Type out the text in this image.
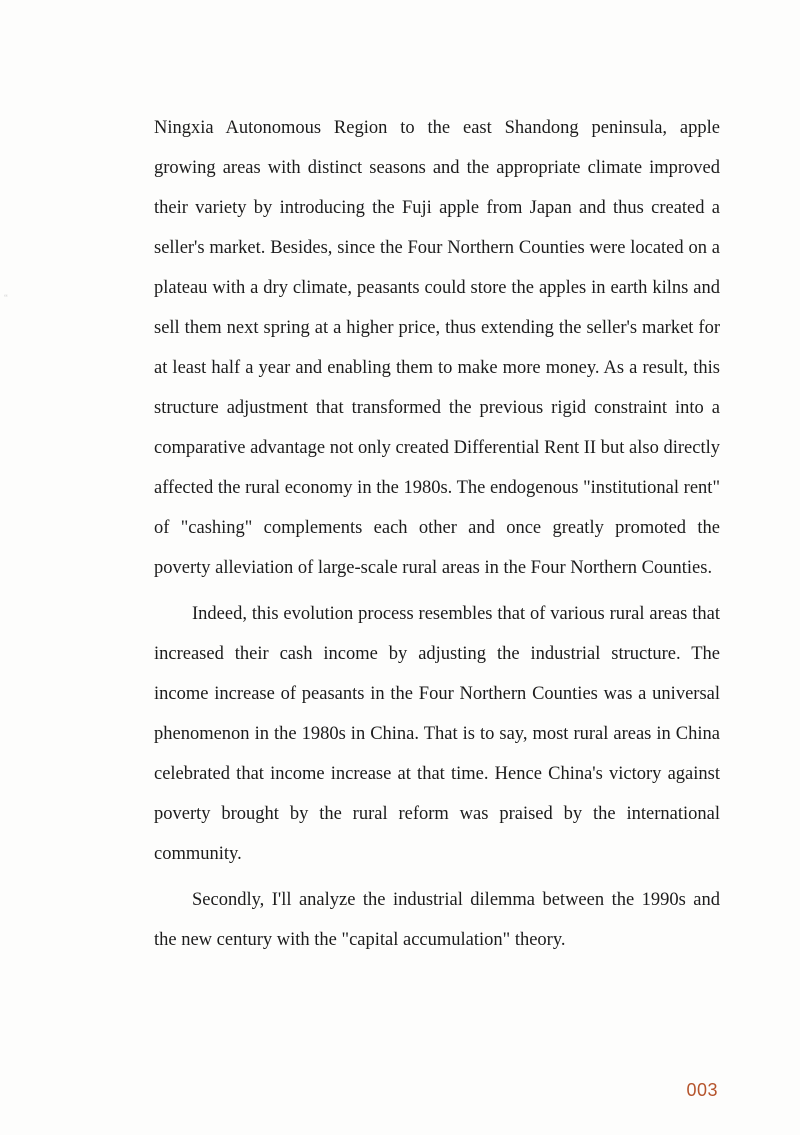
‘‘

Ningxia Autonomous Region to the east Shandong peninsula, apple growing areas with distinct seasons and the appropriate climate improved their variety by introducing the Fuji apple from Japan and thus created a seller's market. Besides, since the Four Northern Counties were located on a plateau with a dry climate, peasants could store the apples in earth kilns and sell them next spring at a higher price, thus extending the seller's market for at least half a year and enabling them to make more money. As a result, this structure adjustment that transformed the previous rigid constraint into a comparative advantage not only created Differential Rent II but also directly affected the rural economy in the 1980s. The endogenous "institutional rent" of "cashing" complements each other and once greatly promoted the poverty alleviation of large-scale rural areas in the Four Northern Counties.

Indeed, this evolution process resembles that of various rural areas that increased their cash income by adjusting the industrial structure. The income increase of peasants in the Four Northern Counties was a universal phenomenon in the 1980s in China. That is to say, most rural areas in China celebrated that income increase at that time. Hence China's victory against poverty brought by the rural reform was praised by the international community.

Secondly, I'll analyze the industrial dilemma between the 1990s and the new century with the "capital accumulation" theory.

003
